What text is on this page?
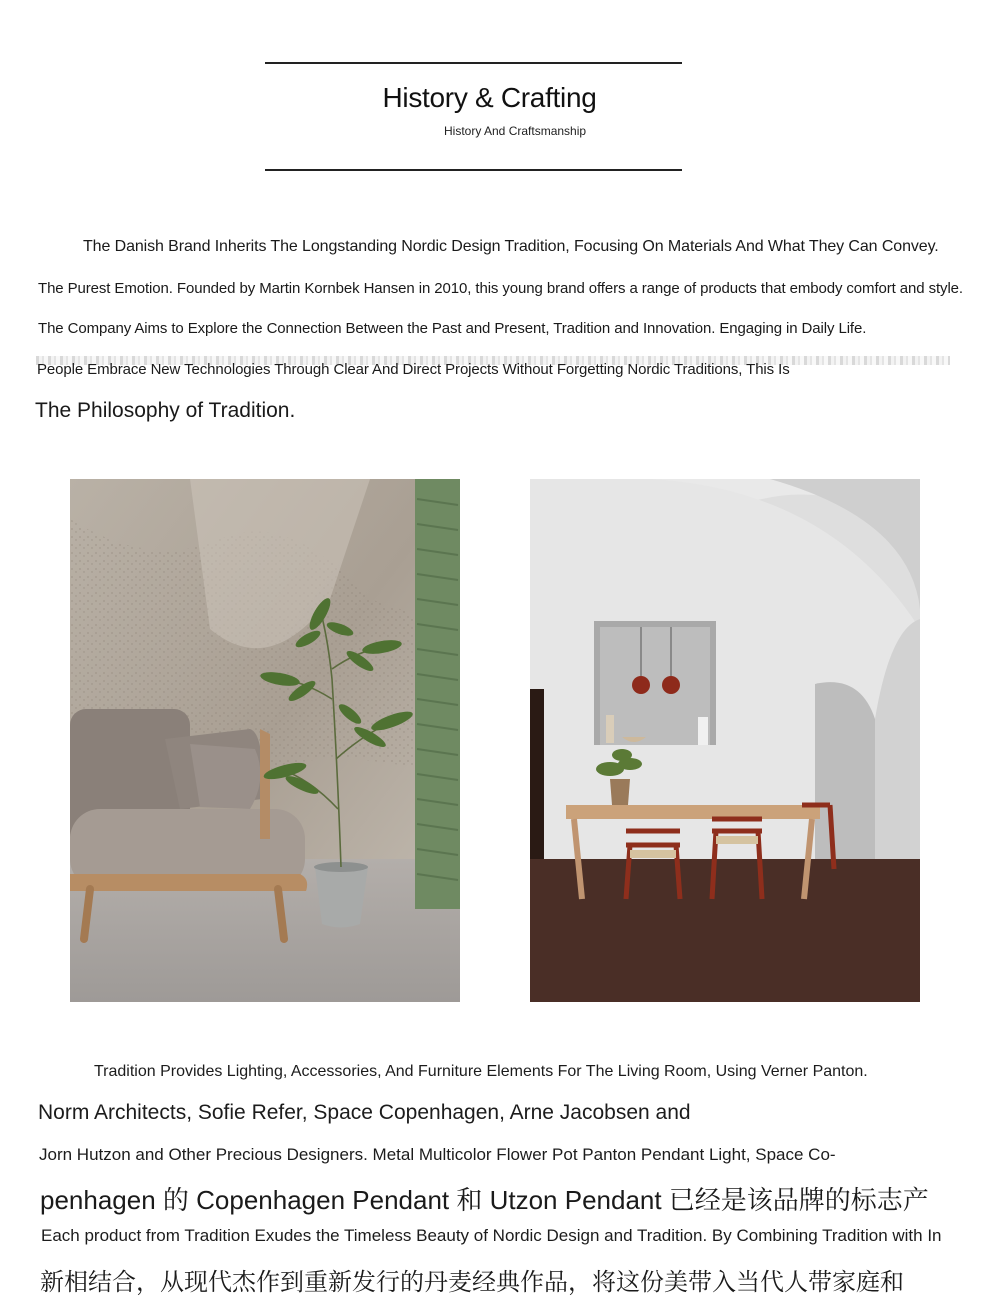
History & Crafting
History And Craftsmanship
The Danish Brand Inherits The Longstanding Nordic Design Tradition, Focusing On Materials And What They Can Convey.
The Purest Emotion. Founded by Martin Kornbek Hansen in 2010, this young brand offers a range of products that embody comfort and style.
The Company Aims to Explore the Connection Between the Past and Present, Tradition and Innovation. Engaging in Daily Life.
People Embrace New Technologies Through Clear And Direct Projects Without Forgetting Nordic Traditions, This Is
The Philosophy of Tradition.
Tradition Provides Lighting, Accessories, And Furniture Elements For The Living Room, Using Verner Panton.
Norm Architects, Sofie Refer, Space Copenhagen, Arne Jacobsen and
Jorn Hutzon and Other Precious Designers. Metal Multicolor Flower Pot Panton Pendant Light, Space Co-
penhagen 的 Copenhagen Pendant 和 Utzon Pendant 已经是该品牌的标志产
Each product from Tradition Exudes the Timeless Beauty of Nordic Design and Tradition. By Combining Tradition with In
新相结合，从现代杰作到重新发行的丹麦经典作品，将这份美带入当代人带家庭和
